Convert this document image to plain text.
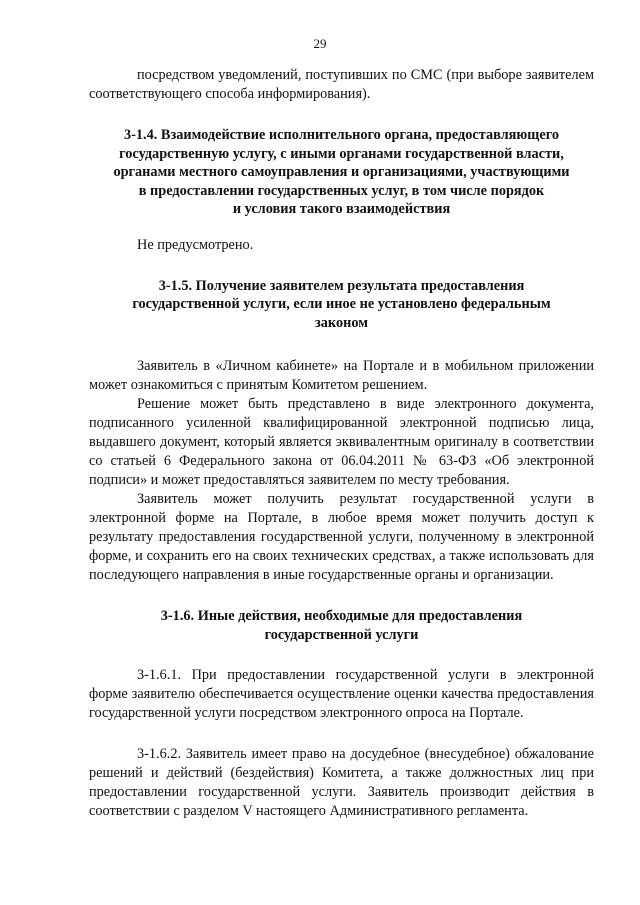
29

посредством уведомлений, поступивших по СМС (при выборе заявителем соответствующего способа информирования).

3-1.4. Взаимодействие исполнительного органа, предоставляющего
государственную услугу, с иными органами государственной власти,
органами местного самоуправления и организациями, участвующими
в предоставлении государственных услуг, в том числе порядок
и условия такого взаимодействия

Не предусмотрено.

3-1.5. Получение заявителем результата предоставления
государственной услуги, если иное не установлено федеральным
законом

Заявитель в «Личном кабинете» на Портале и в мобильном приложении может ознакомиться с принятым Комитетом решением.

Решение может быть представлено в виде электронного документа, подписанного усиленной квалифицированной электронной подписью лица, выдавшего документ, который является эквивалентным оригиналу в соответствии со статьей 6 Федерального закона от 06.04.2011 № 63-ФЗ «Об электронной подписи» и может предоставляться заявителем по месту требования.

Заявитель может получить результат государственной услуги в электронной форме на Портале, в любое время может получить доступ к результату предоставления государственной услуги, полученному в электронной форме, и сохранить его на своих технических средствах, а также использовать для последующего направления в иные государственные органы и организации.

3-1.6. Иные действия, необходимые для предоставления
государственной услуги

3-1.6.1. При предоставлении государственной услуги в электронной форме заявителю обеспечивается осуществление оценки качества предоставления государственной услуги посредством электронного опроса на Портале.

3-1.6.2. Заявитель имеет право на досудебное (внесудебное) обжалование решений и действий (бездействия) Комитета, а также должностных лиц при предоставлении государственной услуги. Заявитель производит действия в соответствии с разделом V настоящего Административного регламента.
